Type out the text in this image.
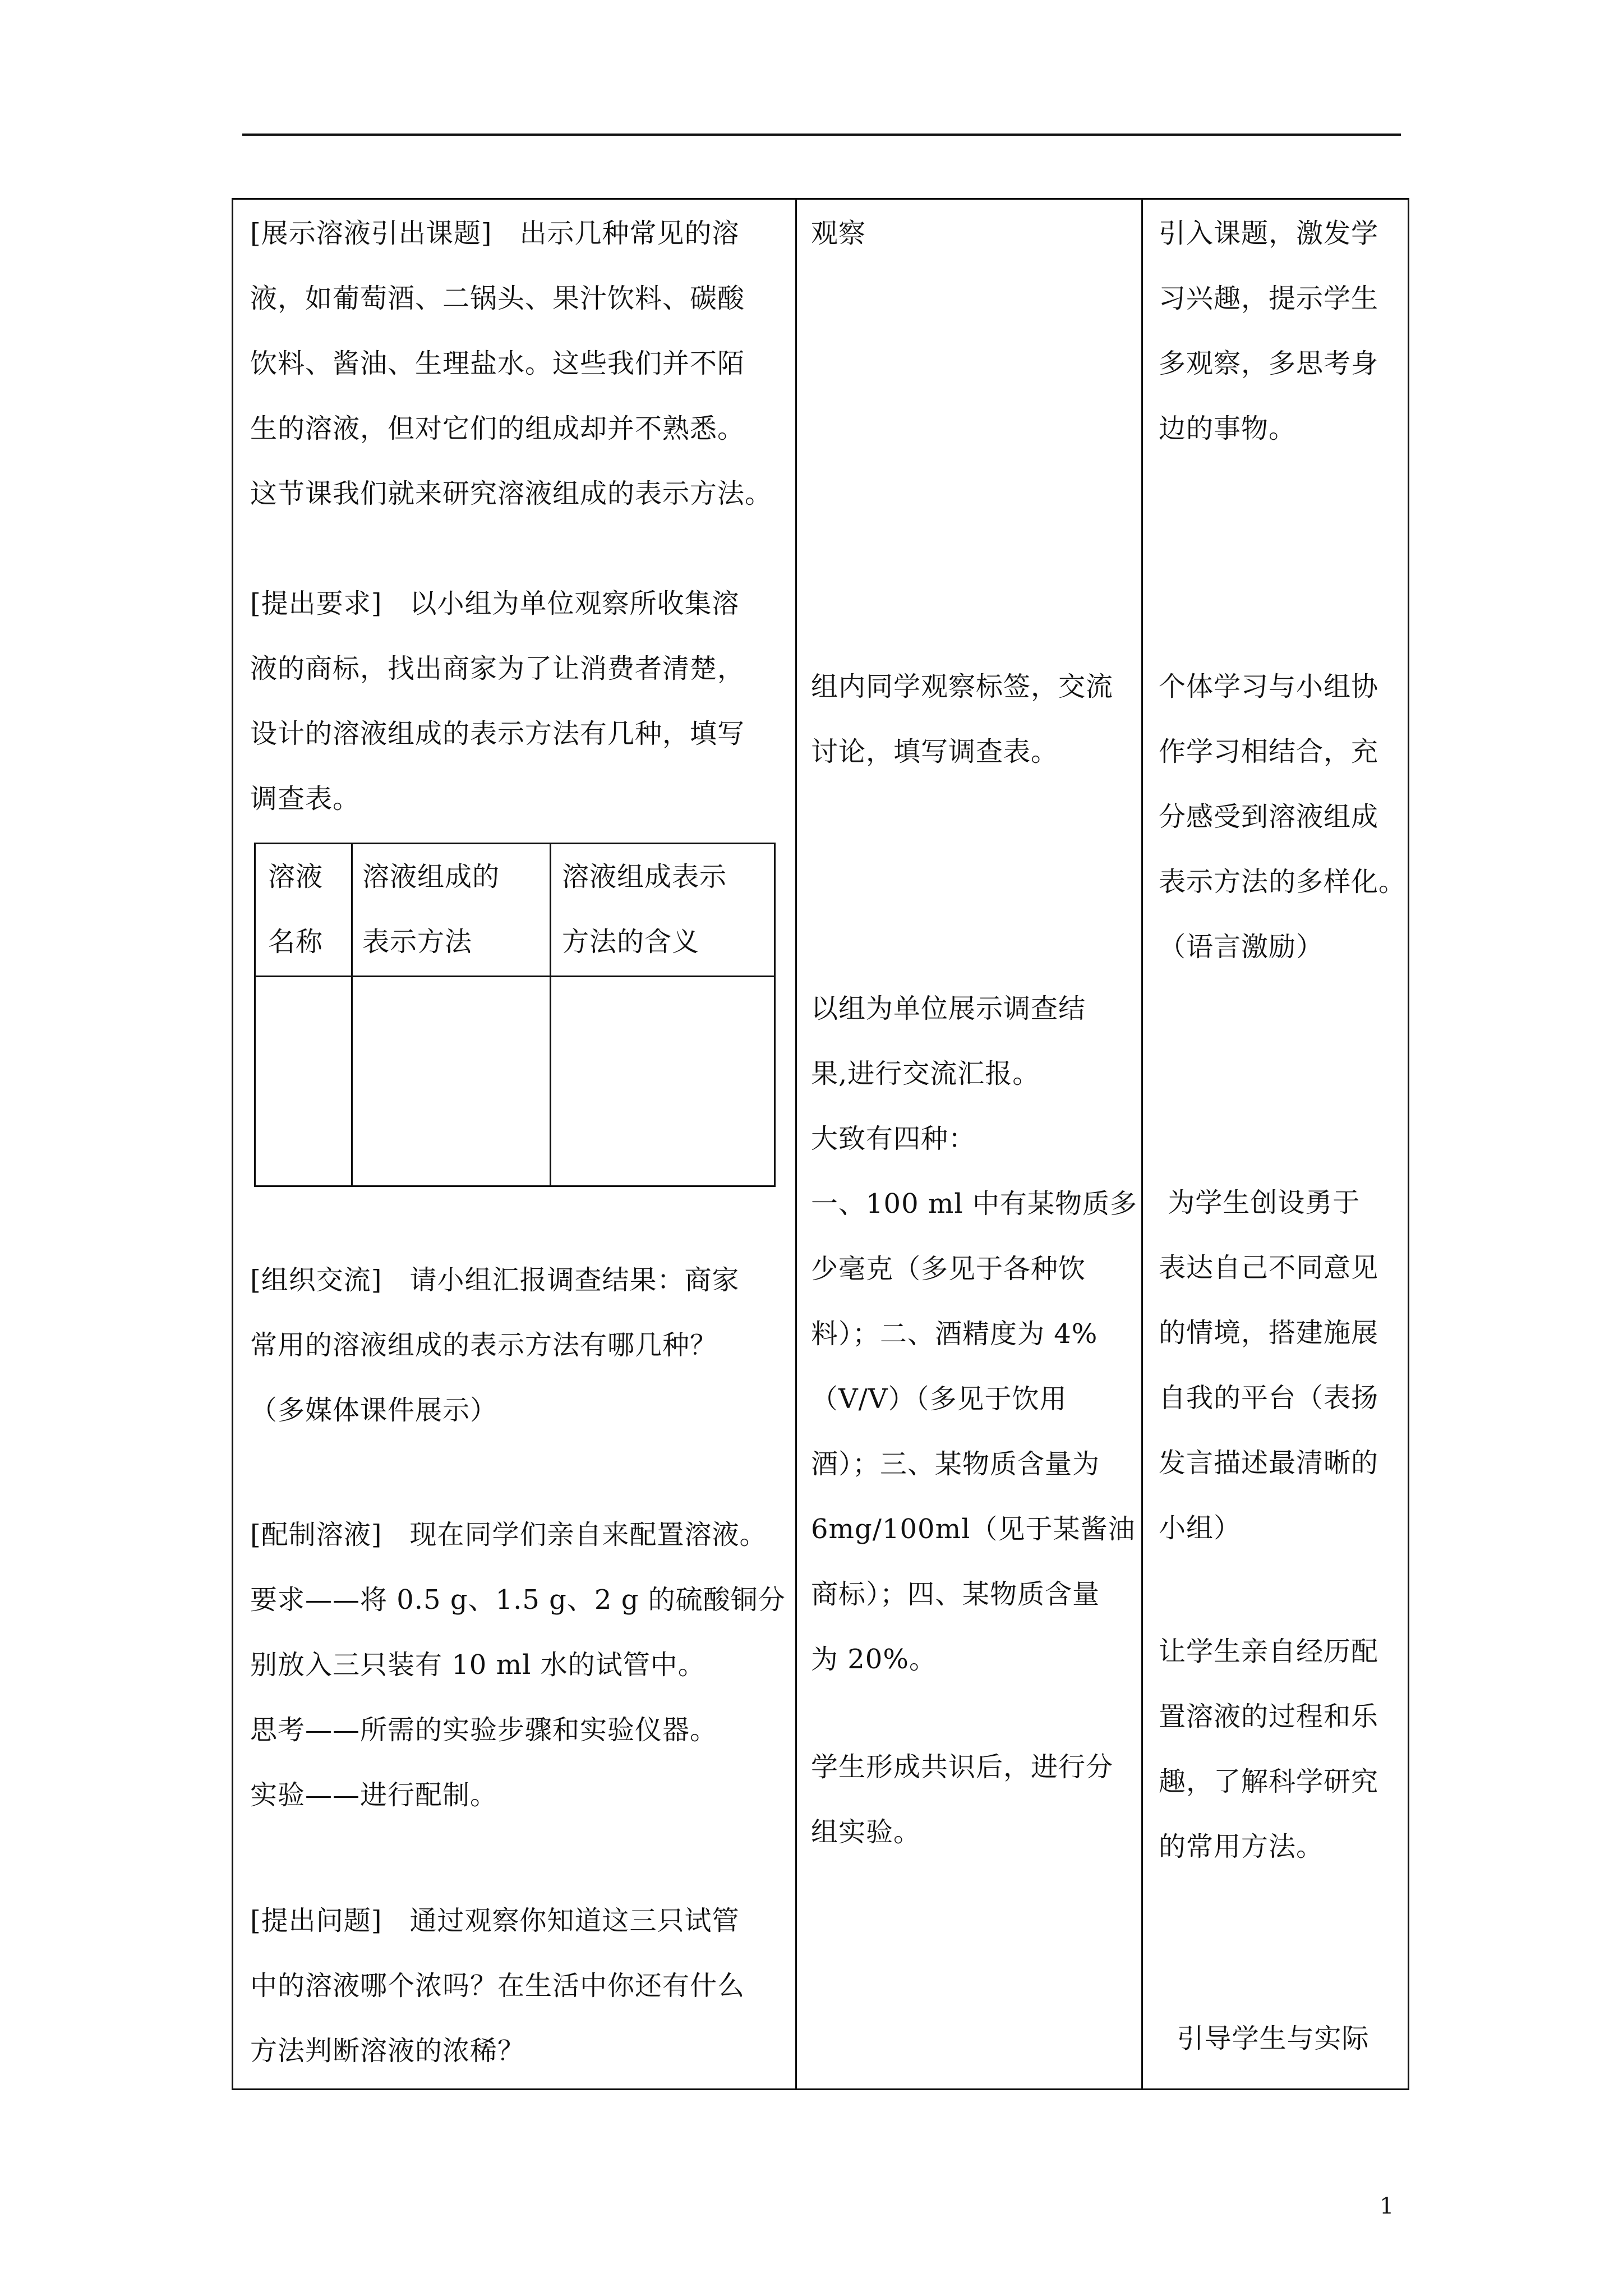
[展示溶液引出课题]　出示几种常见的溶
液，如葡萄酒、二锅头、果汁饮料、碳酸
饮料、酱油、生理盐水。这些我们并不陌
生的溶液，但对它们的组成却并不熟悉。
这节课我们就来研究溶液组成的表示方法。
[提出要求]　以小组为单位观察所收集溶
液的商标，找出商家为了让消费者清楚，
设计的溶液组成的表示方法有几种，填写
调查表。
溶液
名称
溶液组成的
表示方法
溶液组成表示
方法的含义
[组织交流]　请小组汇报调查结果：商家
常用的溶液组成的表示方法有哪几种？
（多媒体课件展示）
[配制溶液]　现在同学们亲自来配置溶液。
要求——将 0.5 g、1.5 g、2 g 的硫酸铜分
别放入三只装有 10 ml 水的试管中。
思考——所需的实验步骤和实验仪器。
实验——进行配制。
[提出问题]　通过观察你知道这三只试管
中的溶液哪个浓吗？在生活中你还有什么
方法判断溶液的浓稀？
观察
组内同学观察标签，交流
讨论，填写调查表。
以组为单位展示调查结
果,进行交流汇报。
大致有四种：
一、100 ml 中有某物质多
少毫克（多见于各种饮
料）；二、酒精度为 4%
（V/V）（多见于饮用
酒）；三、某物质含量为
6mg/100ml（见于某酱油
商标）；四、某物质含量
为 20%。
学生形成共识后，进行分
组实验。
引入课题，激发学
习兴趣，提示学生
多观察，多思考身
边的事物。
个体学习与小组协
作学习相结合，充
分感受到溶液组成
表示方法的多样化。
（语言激励）
为学生创设勇于
表达自己不同意见
的情境，搭建施展
自我的平台（表扬
发言描述最清晰的
小组）
让学生亲自经历配
置溶液的过程和乐
趣，了解科学研究
的常用方法。
引导学生与实际
1
